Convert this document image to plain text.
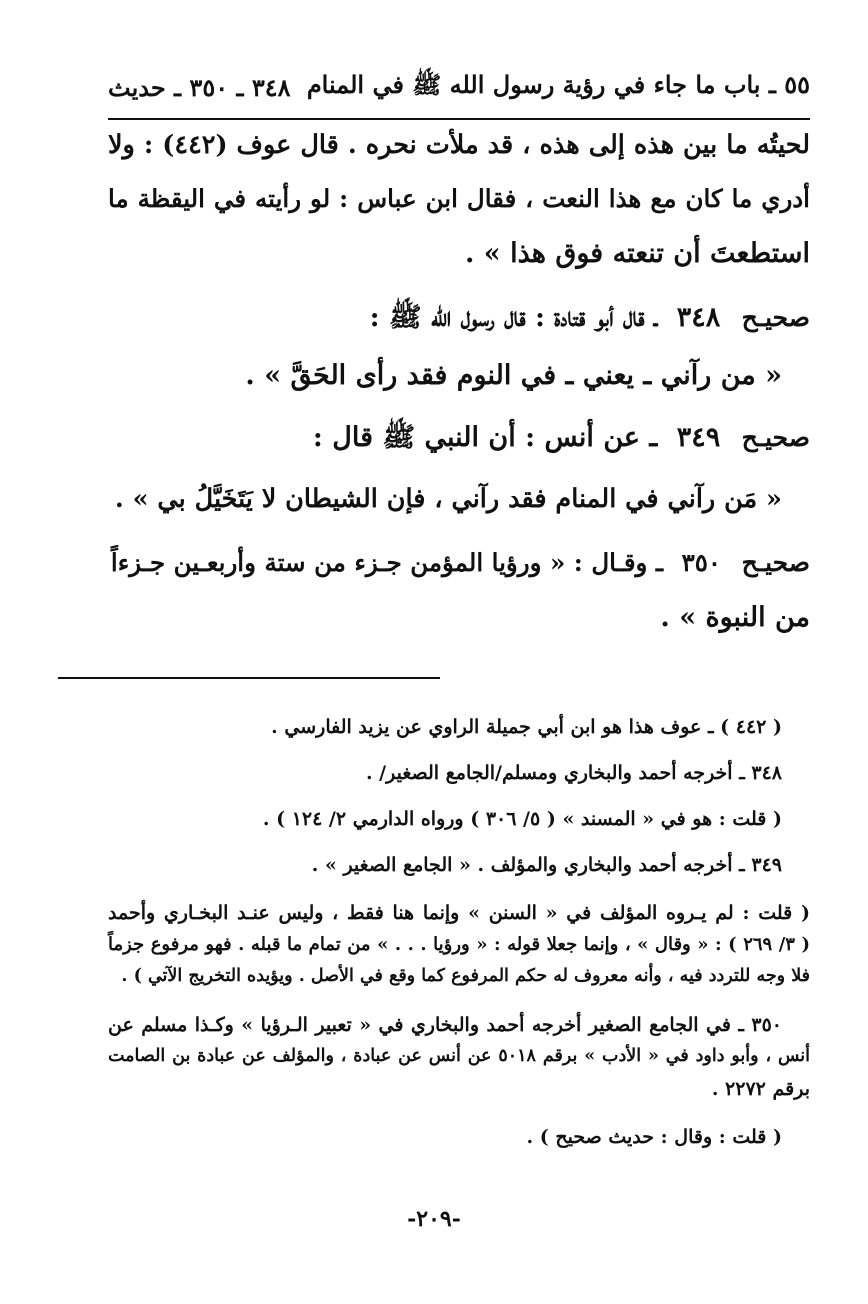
٥٥ ـ باب ما جاء في رؤية رسول الله ﷺ في المنام
٣٤٨ ـ ٣٥٠ ـ حديث
لحيتُه ما بين هذه إلى هذه ، قد ملأت نحره . قال عوف (٤٤٢) : ولا
أدري ما كان مع هذا النعت ، فقال ابن عباس : لو رأيته في اليقظة ما
استطعتَ أن تنعته فوق هذا » .
صحيـح ٣٤٨ ـ قال أبو قتادة : قال رسول الله ﷺ :
« من رآني ـ يعني ـ في النوم فقد رأى الحَقَّ » .
صحيـح ٣٤٩ ـ عن أنس : أن النبي ﷺ قال :
« مَن رآني في المنام فقد رآني ، فإن الشيطان لا يَتَخَيَّلُ بي » .
صحيـح ٣٥٠ ـ وقـال : « ورؤيا المؤمن جـزء من ستة وأربعـين جـزءاً
من النبوة » .
( ٤٤٢ ) ـ عوف هذا هو ابن أبي جميلة الراوي عن يزيد الفارسي .
٣٤٨ ـ أخرجه أحمد والبخاري ومسلم/الجامع الصغير/ .
( قلت : هو في « المسند » ( ٥/ ٣٠٦ ) ورواه الدارمي ٢/ ١٢٤ ) .
٣٤٩ ـ أخرجه أحمد والبخاري والمؤلف . « الجامع الصغير » .
( قلت : لم يـروه المؤلف في « السنن » وإنما هنا فقط ، وليس عنـد البخـاري وأحمد
( ٣/ ٢٦٩ ) : « وقال » ، وإنما جعلا قوله : « ورؤيا . . . » من تمام ما قبله . فهو مرفوع جزماً
فلا وجه للتردد فيه ، وأنه معروف له حكم المرفوع كما وقع في الأصل . ويؤيده التخريج الآتي ) .
٣٥٠ ـ في الجامع الصغير أخرجه أحمد والبخاري في « تعبير الـرؤيا » وكـذا مسلم عن
أنس ، وأبو داود في « الأدب » برقم ٥٠١٨ عن أنس عن عبادة ، والمؤلف عن عبادة بن الصامت
برقم ٢٢٧٢ .
( قلت : وقال : حديث صحيح ) .
-٢٠٩-
